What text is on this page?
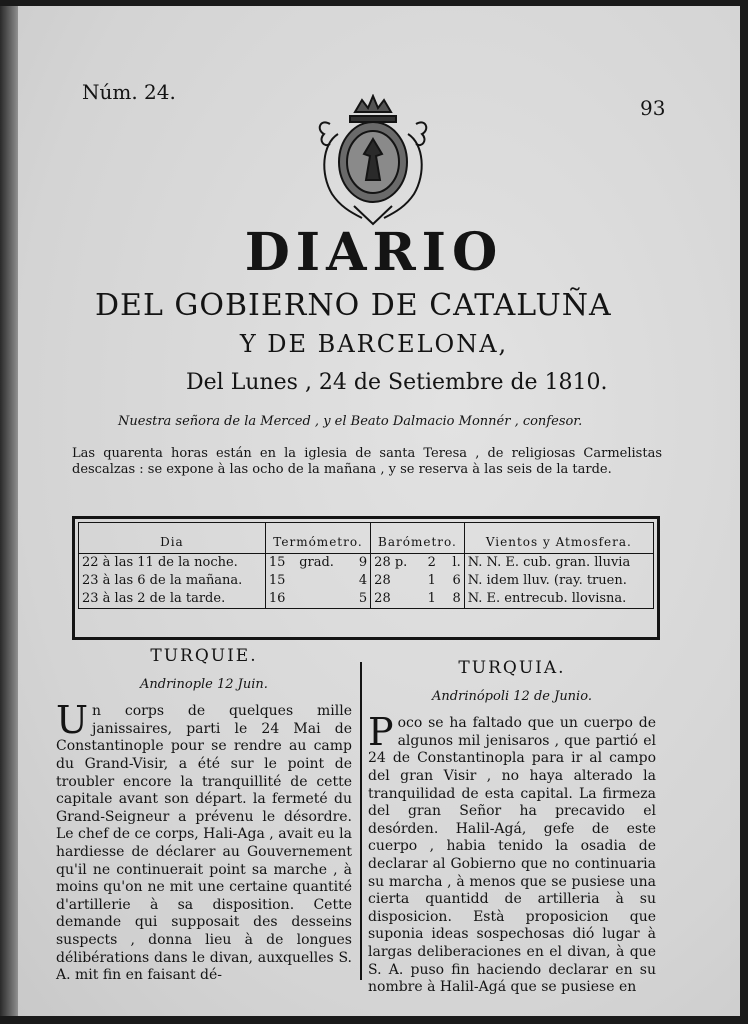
Núm. 24.
93
DIARIO
DEL GOBIERNO DE CATALUÑA
Y DE BARCELONA,
Del Lunes , 24 de Setiembre de 1810.
Nuestra señora de la Merced , y el Beato Dalmacio Monnér , confesor.
Las quarenta horas están en la iglesia de santa Teresa , de religiosas Carmelistas descalzas : se expone à las ocho de la mañana , y se reserva à las seis de la tarde.
Dia	Termómetro.			Barómetro.			Vientos y Atmosfera.
22 à las 11 de la noche.	15	grad.	9	28 p.	2	l.	N. N. E. cub. gran. lluvia
23 à las 6 de la mañana.	15		4	28	1	6	N. idem lluv. (ray. truen.
23 à las 2 de la tarde.	16		5	28	1	8	N. E. entrecub. llovisna.
TURQUIE.
Andrinople 12 Juin.

Un corps de quelques mille janissaires, parti le 24 Mai de Constantinople pour se rendre au camp du Grand-Visir, a été sur le point de troubler encore la tranquillité de cette capitale avant son départ. la fermeté du Grand-Seigneur a prévenu le désordre. Le chef de ce corps, Hali-Aga , avait eu la hardiesse de déclarer au Gouvernement qu'il ne continuerait point sa marche , à moins qu'on ne mit une certaine quantité d'artillerie à sa disposition. Cette demande qui supposait des desseins suspects , donna lieu à de longues délibérations dans le divan, auxquelles S. A. mit fin en faisant dé-

TURQUIA.
Andrinópoli 12 de Junio.

Poco se ha faltado que un cuerpo de algunos mil jenisaros , que partió el 24 de Constantinopla para ir al campo del gran Visir , no haya alterado la tranquilidad de esta capital. La firmeza del gran Señor ha precavido el desórden. Halil-Agá, gefe de este cuerpo , habia tenido la osadia de declarar al Gobierno que no continuaria su marcha , à menos que se pusiese una cierta quantidd de artilleria à su disposicion. Està proposicion que suponia ideas sospechosas dió lugar à largas deliberaciones en el divan, à que S. A. puso fin haciendo declarar en su nombre à Halil-Agá que se pusiese en
